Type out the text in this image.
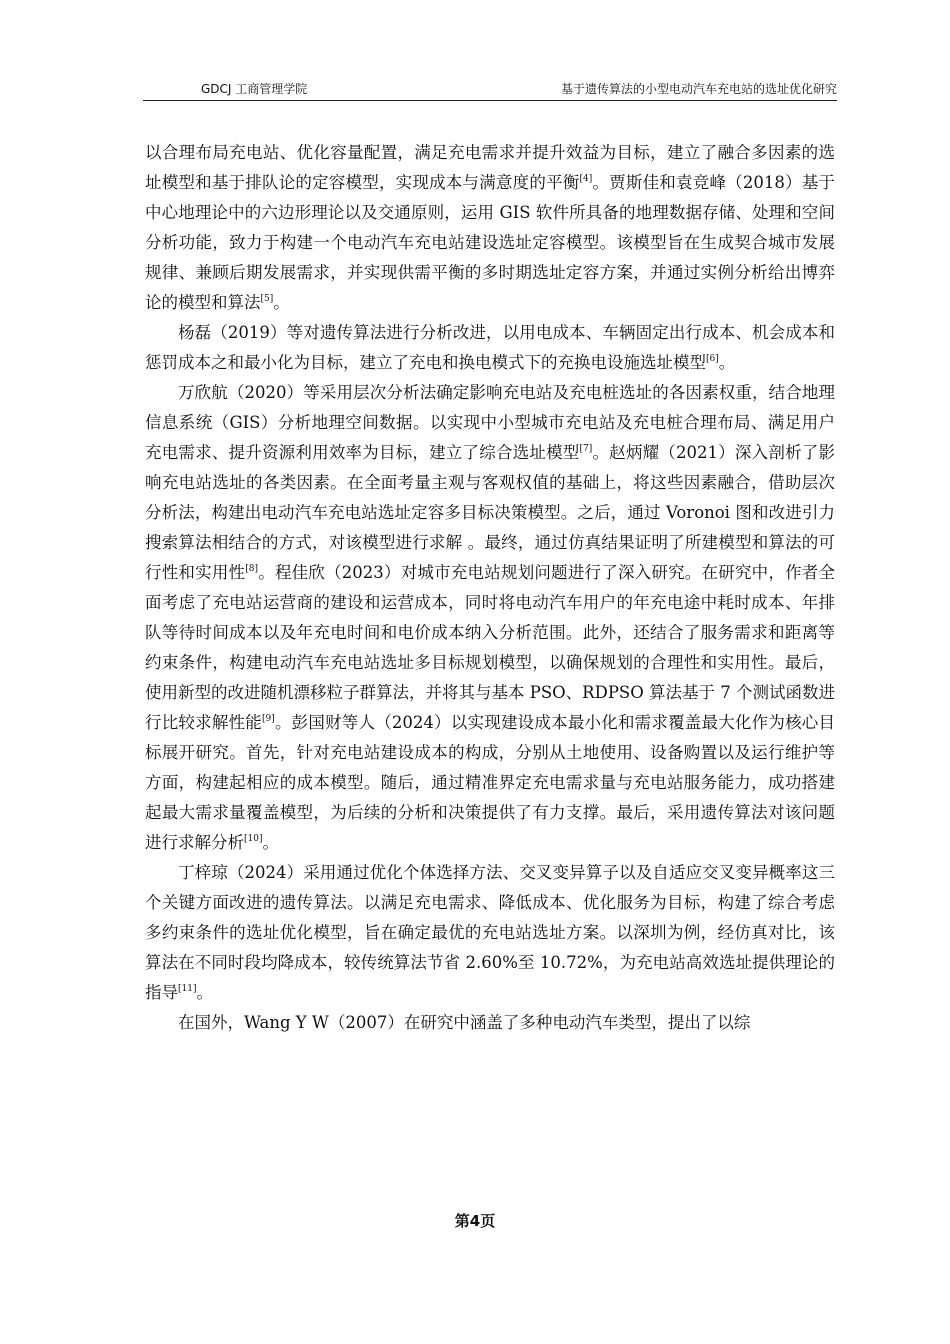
GDCJ 工商管理学院	基于遗传算法的小型电动汽车充电站的选址优化研究

以合理布局充电站、优化容量配置，满足充电需求并提升效益为目标，建立了融合多因素的选址模型和基于排队论的定容模型，实现成本与满意度的平衡[4]。贾斯佳和袁竞峰（2018）基于中心地理论中的六边形理论以及交通原则，运用 GIS 软件所具备的地理数据存储、处理和空间分析功能，致力于构建一个电动汽车充电站建设选址定容模型。该模型旨在生成契合城市发展规律、兼顾后期发展需求，并实现供需平衡的多时期选址定容方案，并通过实例分析给出博弈论的模型和算法[5]。

杨磊（2019）等对遗传算法进行分析改进，以用电成本、车辆固定出行成本、机会成本和惩罚成本之和最小化为目标，建立了充电和换电模式下的充换电设施选址模型[6]。

万欣航（2020）等采用层次分析法确定影响充电站及充电桩选址的各因素权重，结合地理信息系统（GIS）分析地理空间数据。以实现中小型城市充电站及充电桩合理布局、满足用户充电需求、提升资源利用效率为目标，建立了综合选址模型[7]。赵炳耀（2021）深入剖析了影响充电站选址的各类因素。在全面考量主观与客观权值的基础上，将这些因素融合，借助层次分析法，构建出电动汽车充电站选址定容多目标决策模型。之后，通过 Voronoi 图和改进引力搜索算法相结合的方式，对该模型进行求解 。最终，通过仿真结果证明了所建模型和算法的可行性和实用性[8]。程佳欣（2023）对城市充电站规划问题进行了深入研究。在研究中，作者全面考虑了充电站运营商的建设和运营成本，同时将电动汽车用户的年充电途中耗时成本、年排队等待时间成本以及年充电时间和电价成本纳入分析范围。此外，还结合了服务需求和距离等约束条件，构建电动汽车充电站选址多目标规划模型，以确保规划的合理性和实用性。最后，使用新型的改进随机漂移粒子群算法，并将其与基本 PSO、RDPSO 算法基于 7 个测试函数进行比较求解性能[9]。彭国财等人（2024）以实现建设成本最小化和需求覆盖最大化作为核心目标展开研究。首先，针对充电站建设成本的构成，分别从土地使用、设备购置以及运行维护等方面，构建起相应的成本模型。随后，通过精准界定充电需求量与充电站服务能力，成功搭建起最大需求量覆盖模型，为后续的分析和决策提供了有力支撑。最后，采用遗传算法对该问题进行求解分析[10]。

丁梓琼（2024）采用通过优化个体选择方法、交叉变异算子以及自适应交叉变异概率这三个关键方面改进的遗传算法。以满足充电需求、降低成本、优化服务为目标，构建了综合考虑多约束条件的选址优化模型，旨在确定最优的充电站选址方案。以深圳为例，经仿真对比，该算法在不同时段均降成本，较传统算法节省 2.60%至 10.72%，为充电站高效选址提供理论的指导[11]。

在国外，Wang Y W（2007）在研究中涵盖了多种电动汽车类型，提出了以综

第4页
